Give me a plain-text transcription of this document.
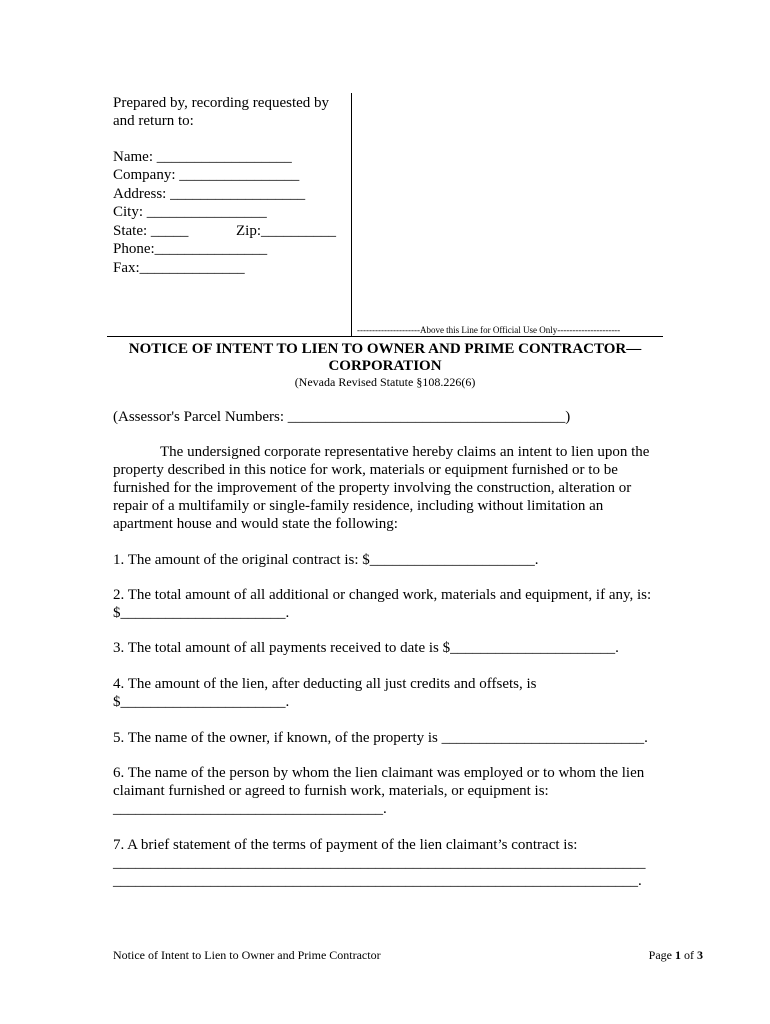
Prepared by, recording requested by
and return to:
Name: __________________
Company: ________________
Address: __________________
City: ________________
State: _____	Zip:__________
Phone:_______________
Fax:______________
---------------------Above this Line for Official Use Only---------------------
NOTICE OF INTENT TO LIEN TO OWNER AND PRIME CONTRACTOR—
CORPORATION
(Nevada Revised Statute §108.226(6)
(Assessor's Parcel Numbers: _____________________________________)
The undersigned corporate representative hereby claims an intent to lien upon the property described in this notice for work, materials or equipment furnished or to be furnished for the improvement of the property involving the construction, alteration or repair of a multifamily or single-family residence, including without limitation an apartment house and would state the following:
1. The amount of the original contract is: $______________________.
2. The total amount of all additional or changed work, materials and equipment, if any, is:
$______________________.
3. The total amount of all payments received to date is $______________________.
4. The amount of the lien, after deducting all just credits and offsets, is
$______________________.
5. The name of the owner, if known, of the property is ___________________________.
6. The name of the person by whom the lien claimant was employed or to whom the lien
claimant furnished or agreed to furnish work, materials, or equipment is:
____________________________________.
7. A brief statement of the terms of payment of the lien claimant’s contract is:
_______________________________________________________________________
______________________________________________________________________.
Notice of Intent to Lien to Owner and Prime Contractor	Page 1 of 3
